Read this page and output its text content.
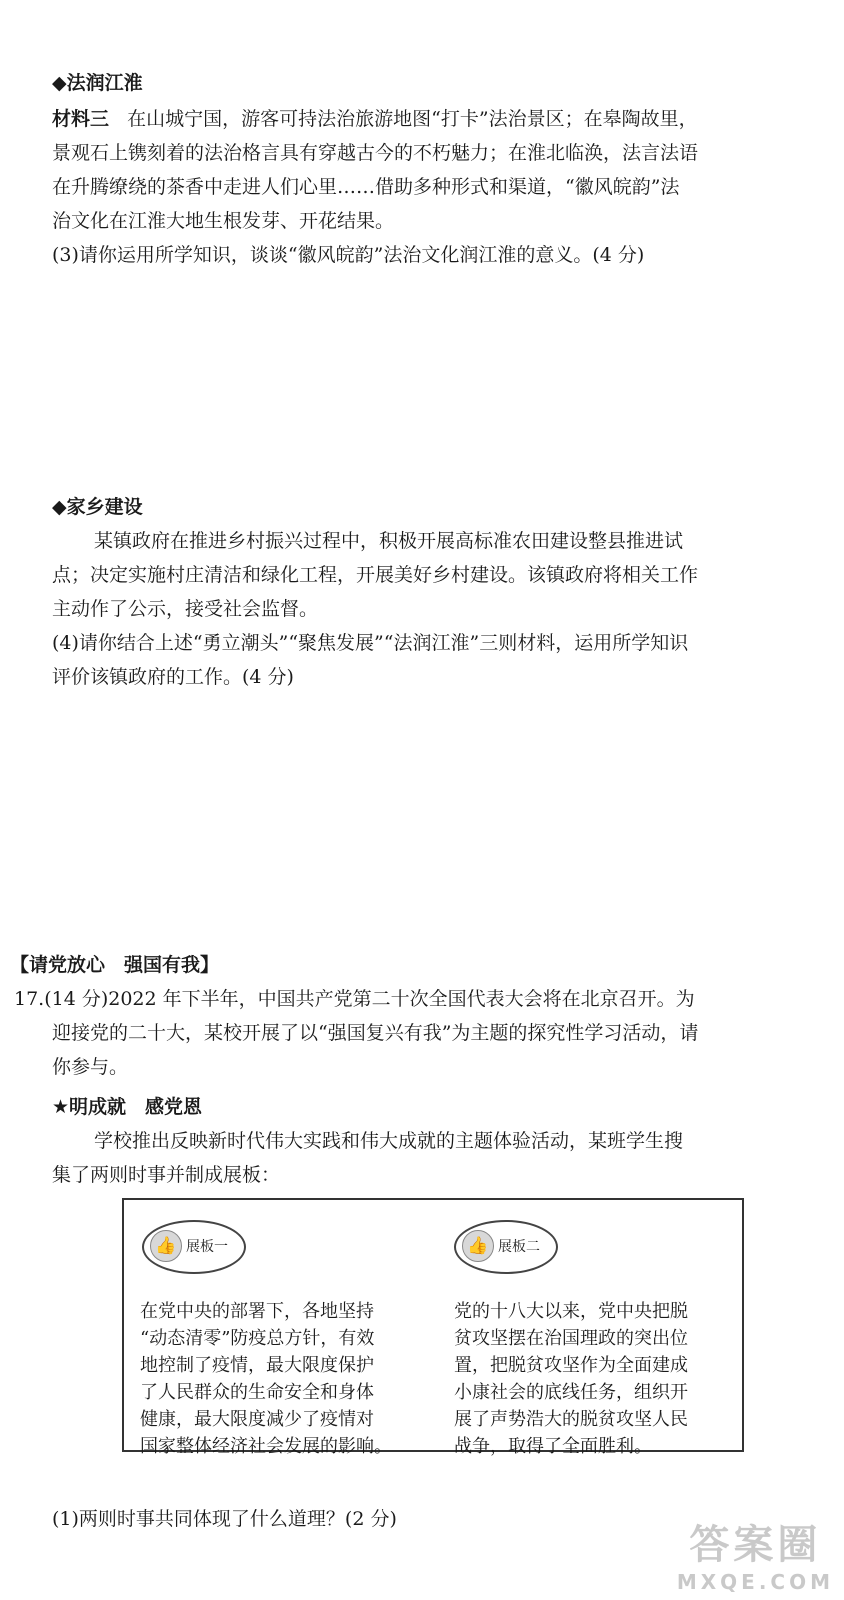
◆法润江淮
材料三 在山城宁国，游客可持法治旅游地图“打卡”法治景区；在皋陶故里，
景观石上镌刻着的法治格言具有穿越古今的不朽魅力；在淮北临涣，法言法语
在升腾缭绕的茶香中走进人们心里……借助多种形式和渠道，“徽风皖韵”法
治文化在江淮大地生根发芽、开花结果。
(3)请你运用所学知识，谈谈“徽风皖韵”法治文化润江淮的意义。(4 分)
◆家乡建设
某镇政府在推进乡村振兴过程中，积极开展高标准农田建设整县推进试
点；决定实施村庄清洁和绿化工程，开展美好乡村建设。该镇政府将相关工作
主动作了公示，接受社会监督。
(4)请你结合上述“勇立潮头”“聚焦发展”“法润江淮”三则材料，运用所学知识
评价该镇政府的工作。(4 分)
【请党放心　强国有我】
17.(14 分)2022 年下半年，中国共产党第二十次全国代表大会将在北京召开。为
迎接党的二十大，某校开展了以“强国复兴有我”为主题的探究性学习活动，请
你参与。
★明成就　感党恩
学校推出反映新时代伟大实践和伟大成就的主题体验活动，某班学生搜
集了两则时事并制成展板：
👍 展板一
在党中央的部署下，各地坚持
“动态清零”防疫总方针，有效
地控制了疫情，最大限度保护
了人民群众的生命安全和身体
健康，最大限度减少了疫情对
国家整体经济社会发展的影响。
👍 展板二
党的十八大以来，党中央把脱
贫攻坚摆在治国理政的突出位
置，把脱贫攻坚作为全面建成
小康社会的底线任务，组织开
展了声势浩大的脱贫攻坚人民
战争，取得了全面胜利。
(1)两则时事共同体现了什么道理？(2 分)
答案圈
MXQE.COM
